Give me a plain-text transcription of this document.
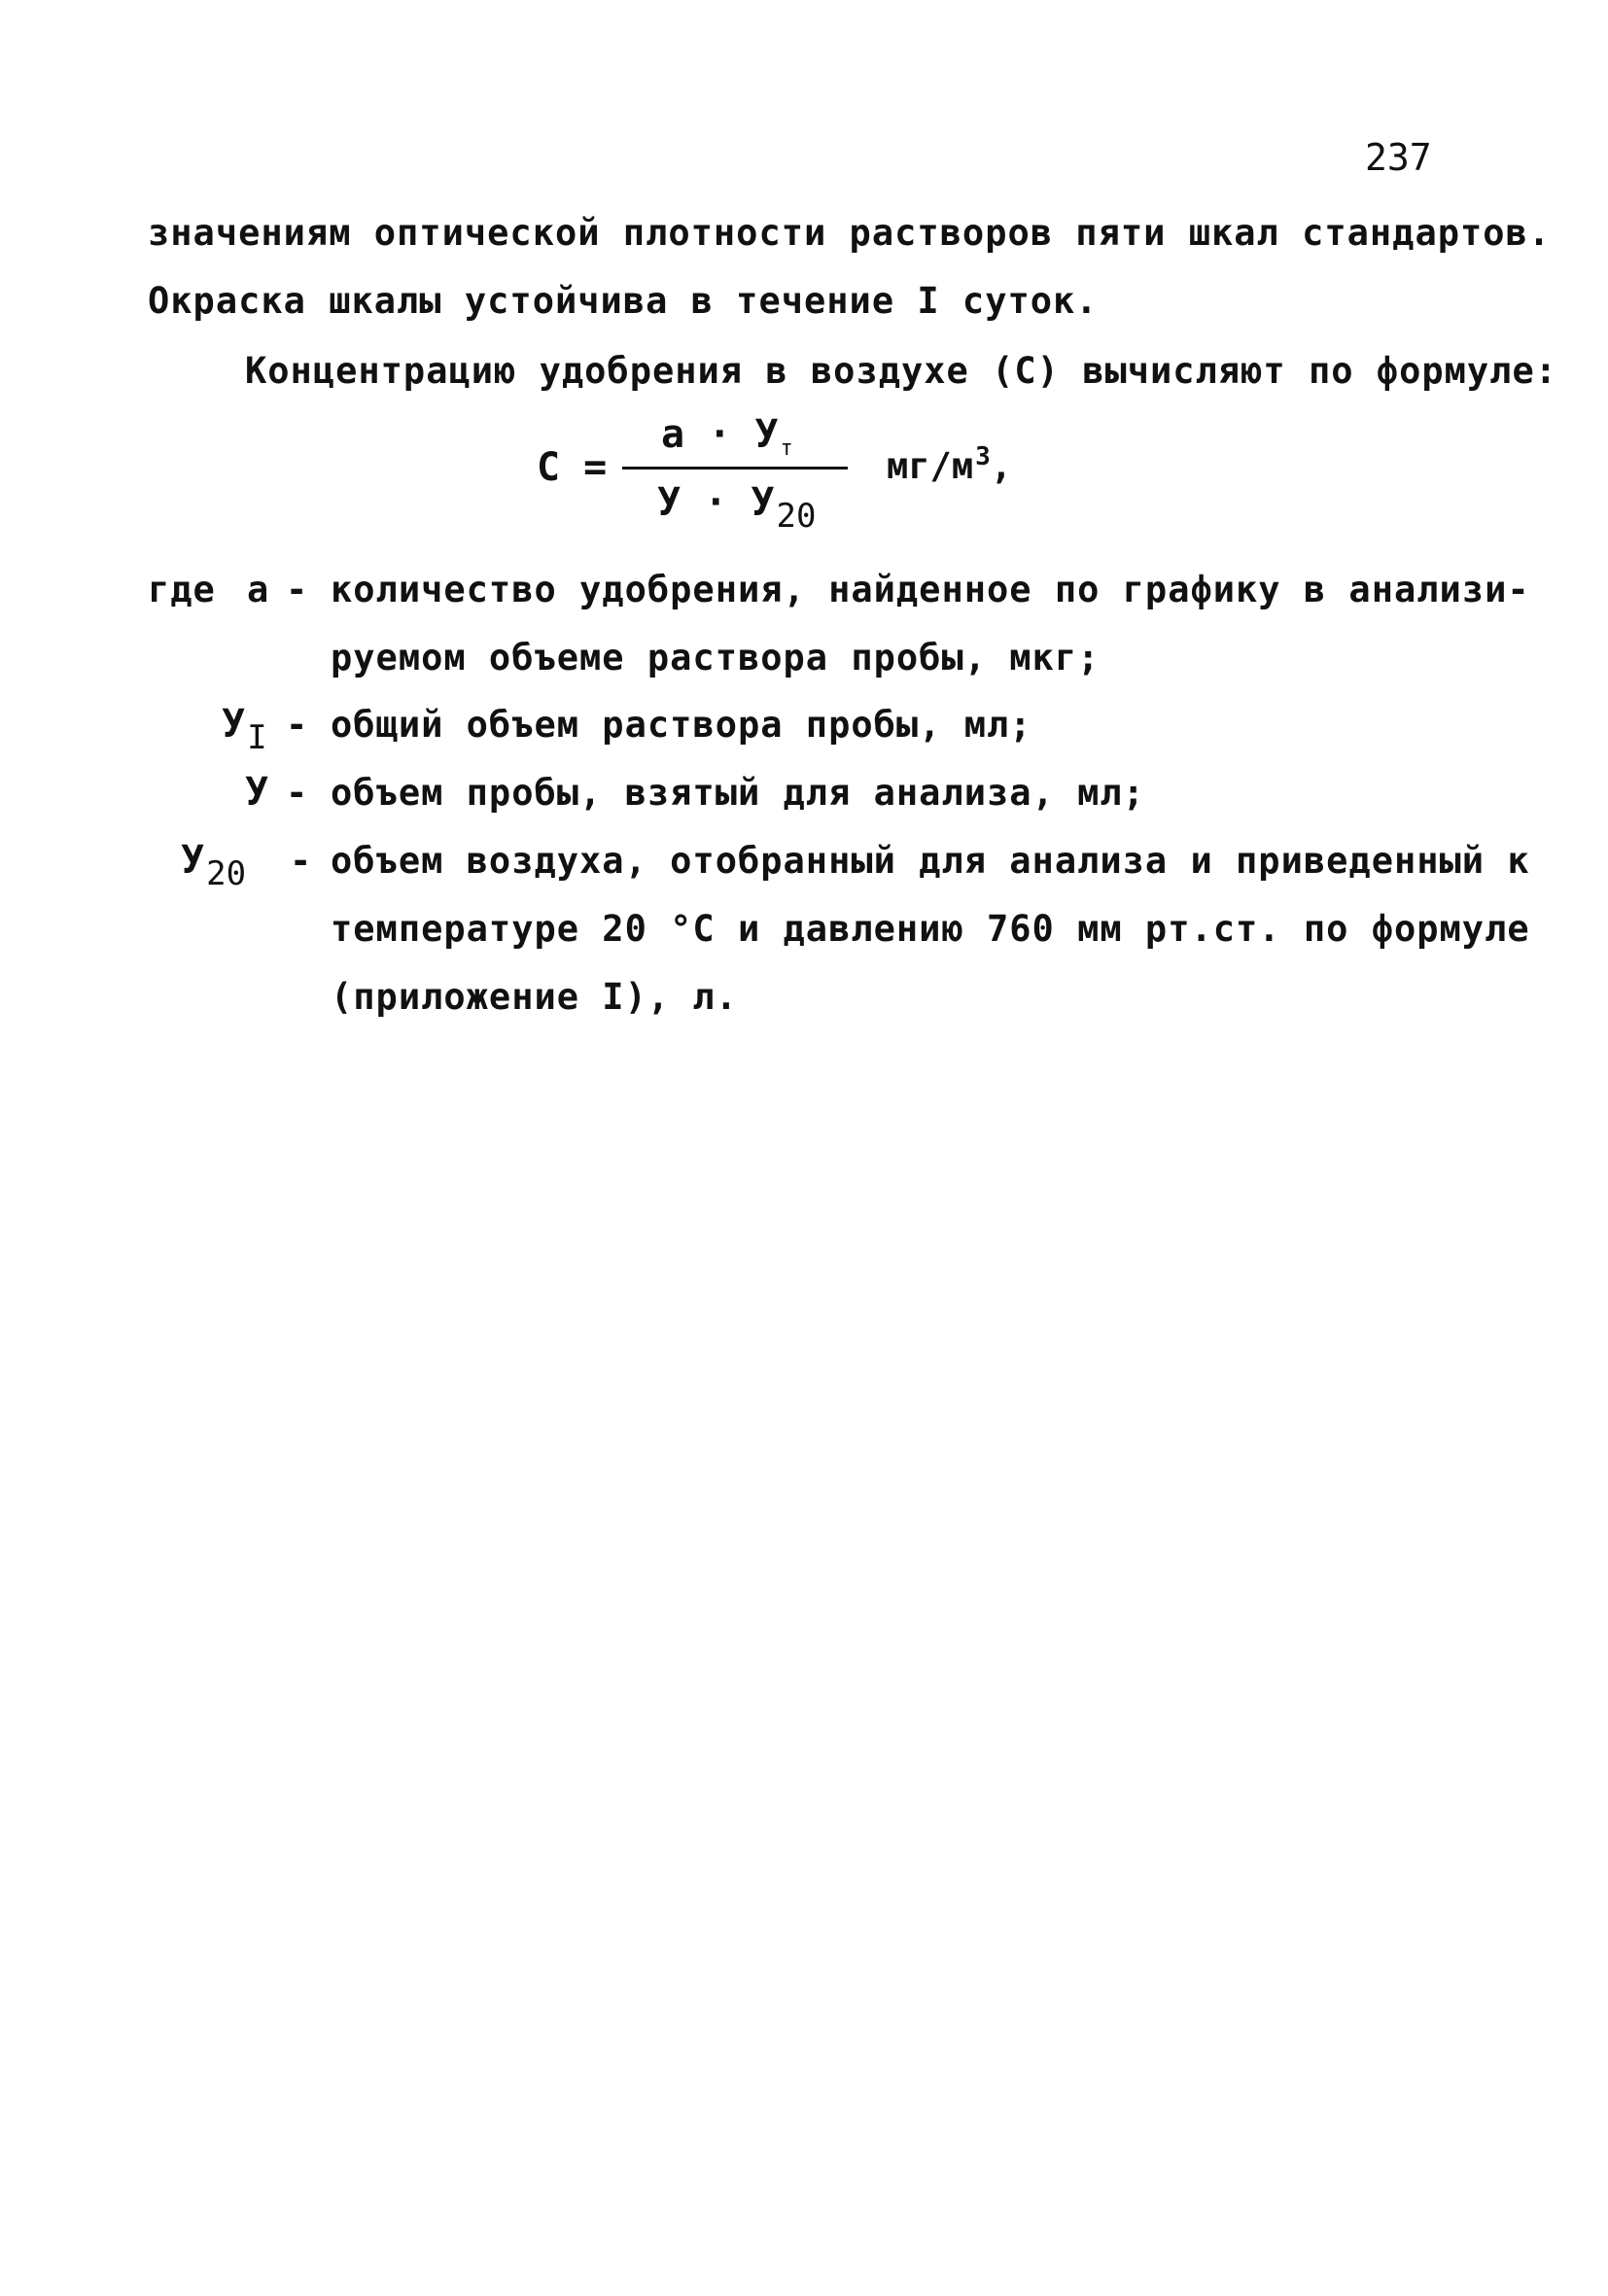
237
значениям оптической плотности растворов пяти шкал стандартов.
Окраска шкалы устойчива в течение I суток.
Концентрацию удобрения в воздухе (С) вычисляют по формуле:
С =
$a \cdot У_т$
$У \cdot У_{20}$
$мг/м^3$,
где a - количество удобрения, найденное по графику в анализи-
руемом объеме раствора пробы, мкг;
$У_I$ - общий объем раствора пробы, мл;
У - объем пробы, взятый для анализа, мл;
$У_{20}$ - объем воздуха, отобранный для анализа и приведенный к
температуре 20 °С и давлению 760 мм рт.ст. по формуле
(приложение I), л.
